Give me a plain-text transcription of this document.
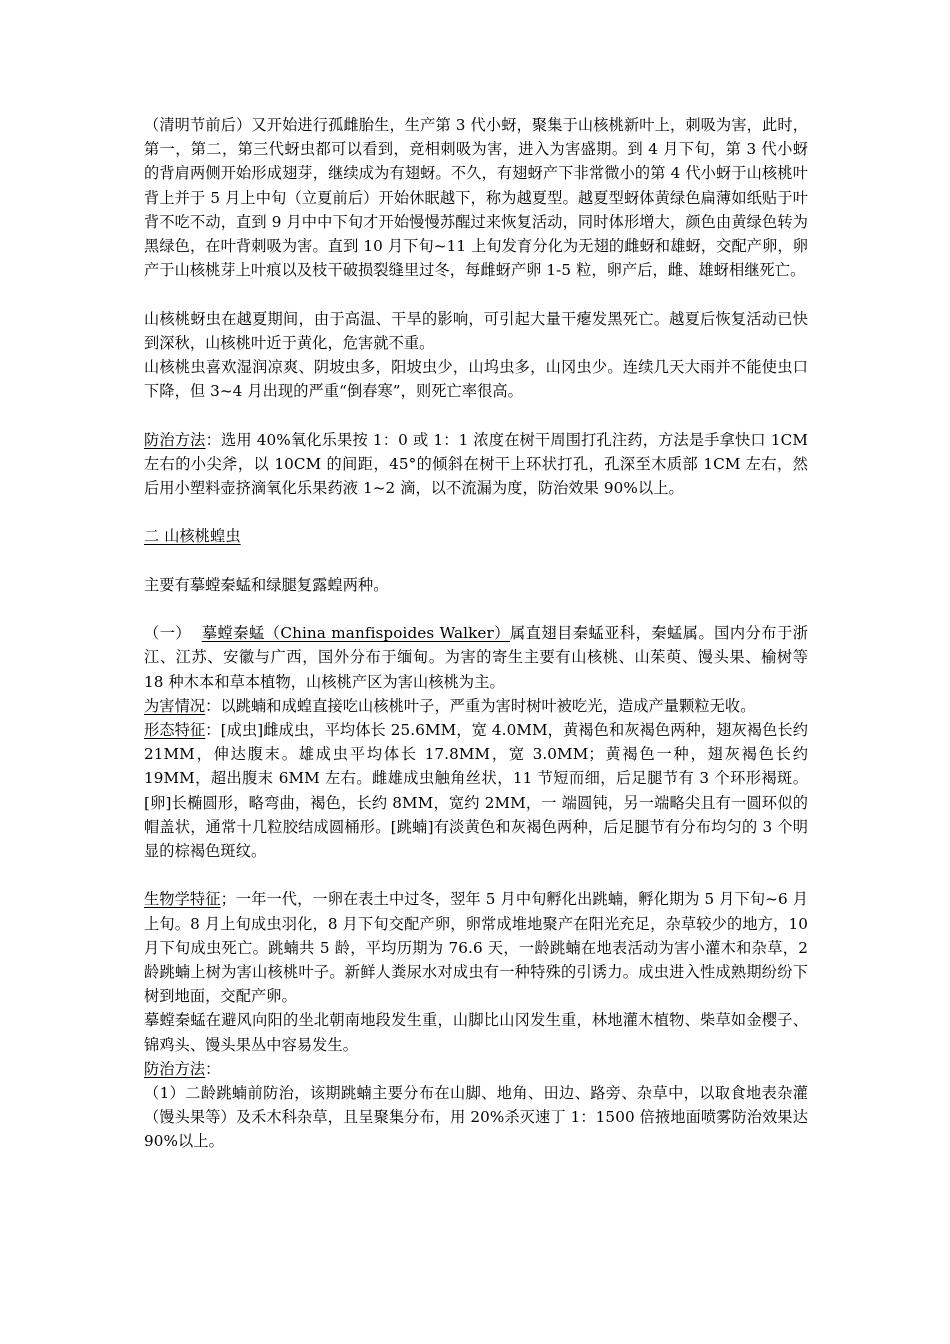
（清明节前后）又开始进行孤雌胎生，生产第 3 代小蚜，聚集于山核桃新叶上，刺吸为害，此时，第一，第二，第三代蚜虫都可以看到，竞相刺吸为害，进入为害盛期。到 4 月下旬，第 3 代小蚜的背肩两侧开始形成翅芽，继续成为有翅蚜。不久，有翅蚜产下非常微小的第 4 代小蚜于山核桃叶背上并于 5 月上中旬（立夏前后）开始休眠越下，称为越夏型。越夏型蚜体黄绿色扁薄如纸贴于叶背不吃不动，直到 9 月中中下旬才开始慢慢苏醒过来恢复活动，同时体形增大，颜色由黄绿色转为黑绿色，在叶背刺吸为害。直到 10 月下旬~11 上旬发育分化为无翅的雌蚜和雄蚜，交配产卵，卵产于山核桃芽上叶痕以及枝干破损裂缝里过冬，每雌蚜产卵 1-5 粒，卵产后，雌、雄蚜相继死亡。

山核桃蚜虫在越夏期间，由于高温、干旱的影响，可引起大量干瘪发黑死亡。越夏后恢复活动已快到深秋，山核桃叶近于黄化，危害就不重。

山核桃虫喜欢湿润凉爽、阴坡虫多，阳坡虫少，山坞虫多，山冈虫少。连续几天大雨并不能使虫口下降，但 3~4 月出现的严重“倒春寒”，则死亡率很高。

防治方法：选用 40%氧化乐果按 1：0 或 1：1 浓度在树干周围打孔注药，方法是手拿快口 1CM 左右的小尖斧，以 10CM 的间距，45°的倾斜在树干上环状打孔，孔深至木质部 1CM 左右，然后用小塑料壶挤滴氧化乐果药液 1~2 滴，以不流漏为度，防治效果 90%以上。

二 山核桃蝗虫

主要有摹螳秦蜢和绿腿复露蝗两种。

（一）  摹螳秦蜢（China manfispoides Walker）属直翅目秦蜢亚科，秦蜢属。国内分布于浙江、江苏、安徽与广西，国外分布于缅甸。为害的寄生主要有山核桃、山茱萸、馒头果、榆树等 18 种木本和草本植物，山核桃产区为害山核桃为主。

为害情况：以跳蝻和成蝗直接吃山核桃叶子，严重为害时树叶被吃光，造成产量颗粒无收。

形态特征：[成虫]雌成虫，平均体长 25.6MM，宽 4.0MM，黄褐色和灰褐色两种，翅灰褐色长约 21MM，伸达腹末。雄成虫平均体长 17.8MM，宽 3.0MM；黄褐色一种，翅灰褐色长约 19MM，超出腹末 6MM 左右。雌雄成虫触角丝状，11 节短而细，后足腿节有 3 个环形褐斑。[卵]长椭圆形，略弯曲，褐色，长约 8MM，宽约 2MM，一 端圆钝，另一端略尖且有一圆环似的帽盖状，通常十几粒胶结成圆桶形。[跳蝻]有淡黄色和灰褐色两种，后足腿节有分布均匀的 3 个明显的棕褐色斑纹。

生物学特征；一年一代，一卵在表土中过冬，翌年 5 月中旬孵化出跳蝻，孵化期为 5 月下旬~6 月上旬。8 月上旬成虫羽化，8 月下旬交配产卵，卵常成堆地聚产在阳光充足，杂草较少的地方，10 月下旬成虫死亡。跳蝻共 5 龄，平均历期为 76.6 天，一龄跳蝻在地表活动为害小灌木和杂草，2 龄跳蝻上树为害山核桃叶子。新鲜人粪尿水对成虫有一种特殊的引诱力。成虫进入性成熟期纷纷下树到地面，交配产卵。

摹螳秦蜢在避风向阳的坐北朝南地段发生重，山脚比山冈发生重，林地灌木植物、柴草如金樱子、锦鸡头、馒头果丛中容易发生。

防治方法：

（1）二龄跳蝻前防治，该期跳蝻主要分布在山脚、地角、田边、路旁、杂草中，以取食地表杂灌（馒头果等）及禾木科杂草，且呈聚集分布，用 20%杀灭速丁 1：1500 倍掖地面喷雾防治效果达 90%以上。
